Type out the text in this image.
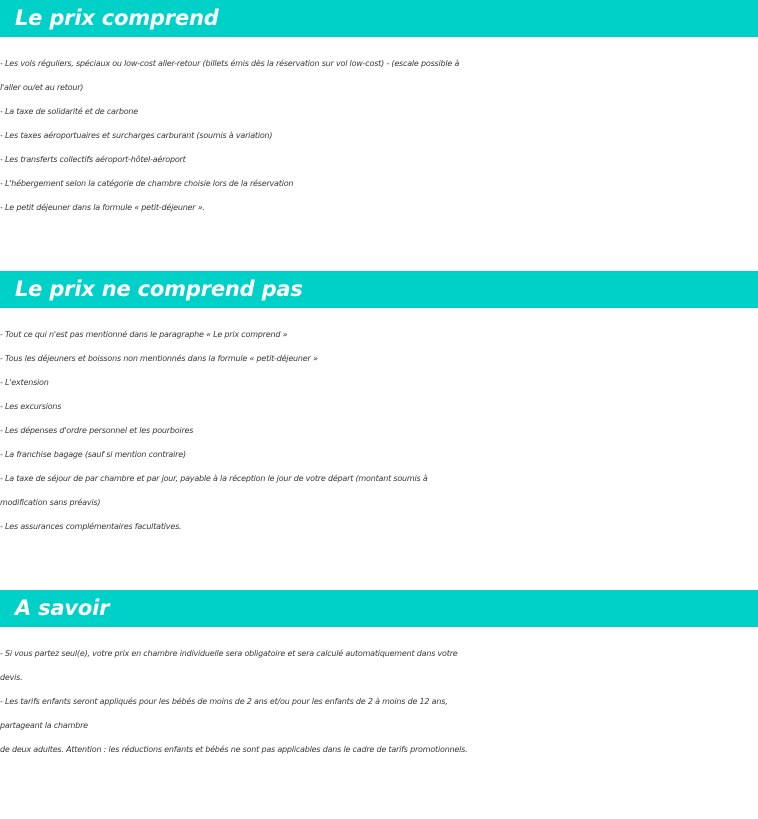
Le prix comprend
- Les vols réguliers, spéciaux ou low-cost aller-retour (billets émis dès la réservation sur vol low-cost) - (escale possible à
l'aller ou/et au retour)
- La taxe de solidarité et de carbone
- Les taxes aéroportuaires et surcharges carburant (soumis à variation)
- Les transferts collectifs aéroport-hôtel-aéroport
- L'hébergement selon la catégorie de chambre choisie lors de la réservation
- Le petit déjeuner dans la formule « petit-déjeuner ».
Le prix ne comprend pas
- Tout ce qui n'est pas mentionné dans le paragraphe « Le prix comprend »
- Tous les déjeuners et boissons non mentionnés dans la formule « petit-déjeuner »
- L'extension
- Les excursions
- Les dépenses d'ordre personnel et les pourboires
- La franchise bagage (sauf si mention contraire)
- La taxe de séjour de par chambre et par jour, payable à la réception le jour de votre départ (montant soumis à
modification sans préavis)
- Les assurances complémentaires facultatives.
A savoir
- Si vous partez seul(e), votre prix en chambre individuelle sera obligatoire et sera calculé automatiquement dans votre
devis.
- Les tarifs enfants seront appliqués pour les bébés de moins de 2 ans et/ou pour les enfants de 2 à moins de 12 ans,
partageant la chambre
de deux adultes. Attention : les réductions enfants et bébés ne sont pas applicables dans le cadre de tarifs promotionnels.
